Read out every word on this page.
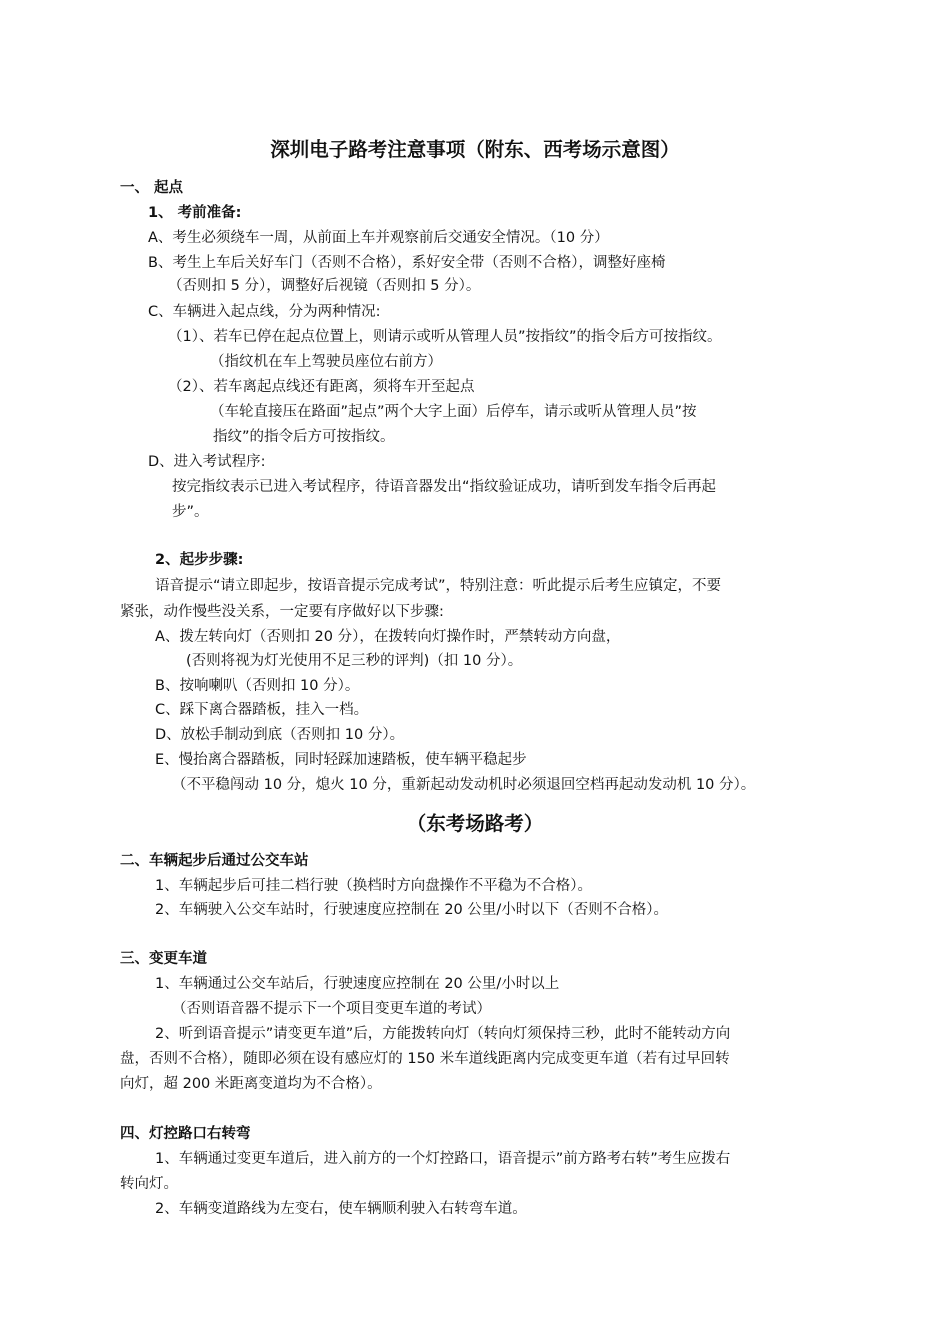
深圳电子路考注意事项（附东、西考场示意图）
一、 起点
1、 考前准备:
A、考生必须绕车一周，从前面上车并观察前后交通安全情况。（10 分）
B、考生上车后关好车门（否则不合格），系好安全带（否则不合格），调整好座椅
（否则扣 5 分），调整好后视镜（否则扣 5 分）。
C、车辆进入起点线，分为两种情况:
（1）、若车已停在起点位置上，则请示或听从管理人员”按指纹”的指令后方可按指纹。
（指纹机在车上驾驶员座位右前方）
（2）、若车离起点线还有距离，须将车开至起点
（车轮直接压在路面”起点”两个大字上面）后停车，请示或听从管理人员”按
指纹”的指令后方可按指纹。
D、进入考试程序:
按完指纹表示已进入考试程序，待语音器发出“指纹验证成功，请听到发车指令后再起
步”。
2、起步步骤:
语音提示“请立即起步，按语音提示完成考试”，特别注意：听此提示后考生应镇定，不要
紧张，动作慢些没关系，一定要有序做好以下步骤:
A、拨左转向灯（否则扣 20 分），在拨转向灯操作时，严禁转动方向盘，
(否则将视为灯光使用不足三秒的评判)（扣 10 分）。
B、按响喇叭（否则扣 10 分）。
C、踩下离合器踏板，挂入一档。
D、放松手制动到底（否则扣 10 分）。
E、慢抬离合器踏板，同时轻踩加速踏板，使车辆平稳起步
（不平稳闯动 10 分，熄火 10 分，重新起动发动机时必须退回空档再起动发动机 10 分）。
（东考场路考）
二、车辆起步后通过公交车站
1、车辆起步后可挂二档行驶（换档时方向盘操作不平稳为不合格）。
2、车辆驶入公交车站时，行驶速度应控制在 20 公里/小时以下（否则不合格）。
三、变更车道
1、车辆通过公交车站后，行驶速度应控制在 20 公里/小时以上
（否则语音器不提示下一个项目变更车道的考试）
2、听到语音提示”请变更车道”后，方能拨转向灯（转向灯须保持三秒，此时不能转动方向
盘，否则不合格），随即必须在设有感应灯的 150 米车道线距离内完成变更车道（若有过早回转
向灯，超 200 米距离变道均为不合格）。
四、灯控路口右转弯
1、车辆通过变更车道后，进入前方的一个灯控路口，语音提示”前方路考右转”考生应拨右
转向灯。
2、车辆变道路线为左变右，使车辆顺利驶入右转弯车道。
